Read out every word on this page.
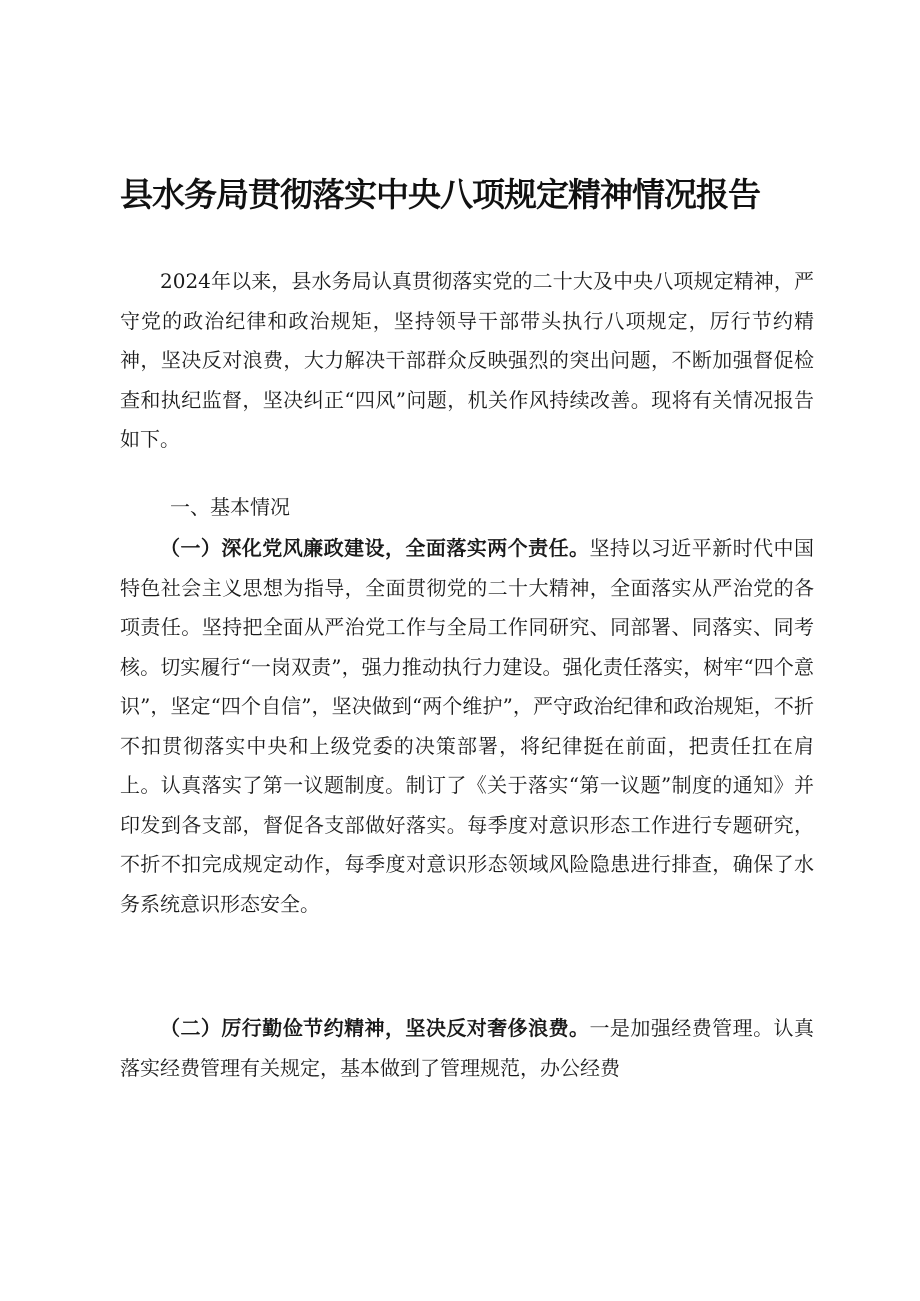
县水务局贯彻落实中央八项规定精神情况报告

2024年以来，县水务局认真贯彻落实党的二十大及中央八项规定精神，严守党的政治纪律和政治规矩，坚持领导干部带头执行八项规定，厉行节约精神，坚决反对浪费，大力解决干部群众反映强烈的突出问题，不断加强督促检查和执纪监督，坚决纠正“四风”问题，机关作风持续改善。现将有关情况报告如下。

一、基本情况

（一）深化党风廉政建设，全面落实两个责任。坚持以习近平新时代中国特色社会主义思想为指导，全面贯彻党的二十大精神，全面落实从严治党的各项责任。坚持把全面从严治党工作与全局工作同研究、同部署、同落实、同考核。切实履行“一岗双责”，强力推动执行力建设。强化责任落实，树牢“四个意识”，坚定“四个自信”，坚决做到“两个维护”，严守政治纪律和政治规矩，不折不扣贯彻落实中央和上级党委的决策部署，将纪律挺在前面，把责任扛在肩上。认真落实了第一议题制度。制订了《关于落实“第一议题”制度的通知》并印发到各支部，督促各支部做好落实。每季度对意识形态工作进行专题研究，不折不扣完成规定动作，每季度对意识形态领域风险隐患进行排查，确保了水务系统意识形态安全。

（二）厉行勤俭节约精神，坚决反对奢侈浪费。一是加强经费管理。认真落实经费管理有关规定，基本做到了管理规范，办公经费
